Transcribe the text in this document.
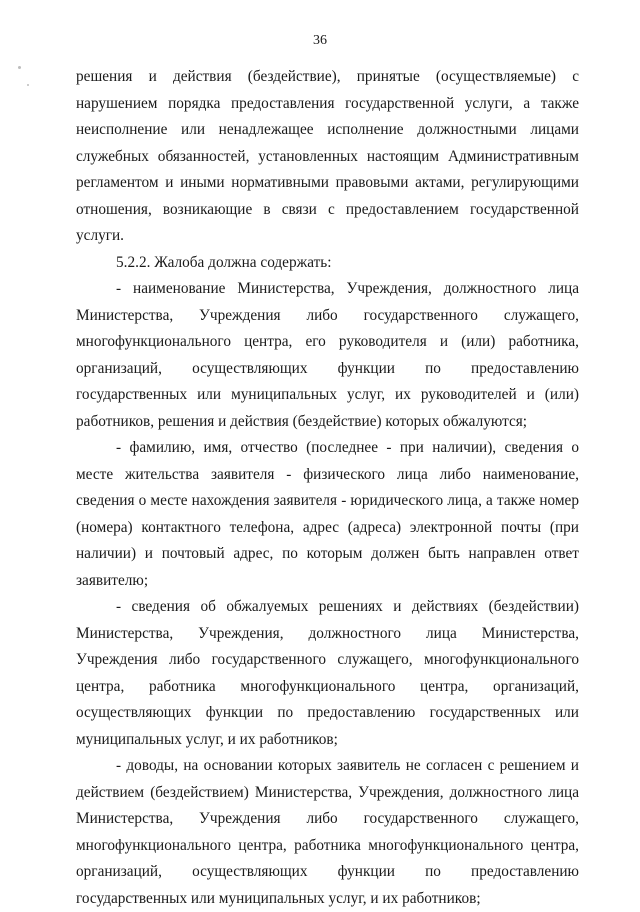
36

решения и действия (бездействие), принятые (осуществляемые) с нарушением порядка предоставления государственной услуги, а также неисполнение или ненадлежащее исполнение должностными лицами служебных обязанностей, установленных настоящим Административным регламентом и иными нормативными правовыми актами, регулирующими отношения, возникающие в связи с предоставлением государственной услуги.

5.2.2. Жалоба должна содержать:

- наименование Министерства, Учреждения, должностного лица Министерства, Учреждения либо государственного служащего, многофункционального центра, его руководителя и (или) работника, организаций, осуществляющих функции по предоставлению государственных или муниципальных услуг, их руководителей и (или) работников, решения и действия (бездействие) которых обжалуются;

- фамилию, имя, отчество (последнее - при наличии), сведения о месте жительства заявителя - физического лица либо наименование, сведения о месте нахождения заявителя - юридического лица, а также номер (номера) контактного телефона, адрес (адреса) электронной почты (при наличии) и почтовый адрес, по которым должен быть направлен ответ заявителю;

- сведения об обжалуемых решениях и действиях (бездействии) Министерства, Учреждения, должностного лица Министерства, Учреждения либо государственного служащего, многофункционального центра, работника многофункционального центра, организаций, осуществляющих функции по предоставлению государственных или муниципальных услуг, и их работников;

- доводы, на основании которых заявитель не согласен с решением и действием (бездействием) Министерства, Учреждения, должностного лица Министерства, Учреждения либо государственного служащего, многофункционального центра, работника многофункционального центра, организаций, осуществляющих функции по предоставлению государственных или муниципальных услуг, и их работников;
